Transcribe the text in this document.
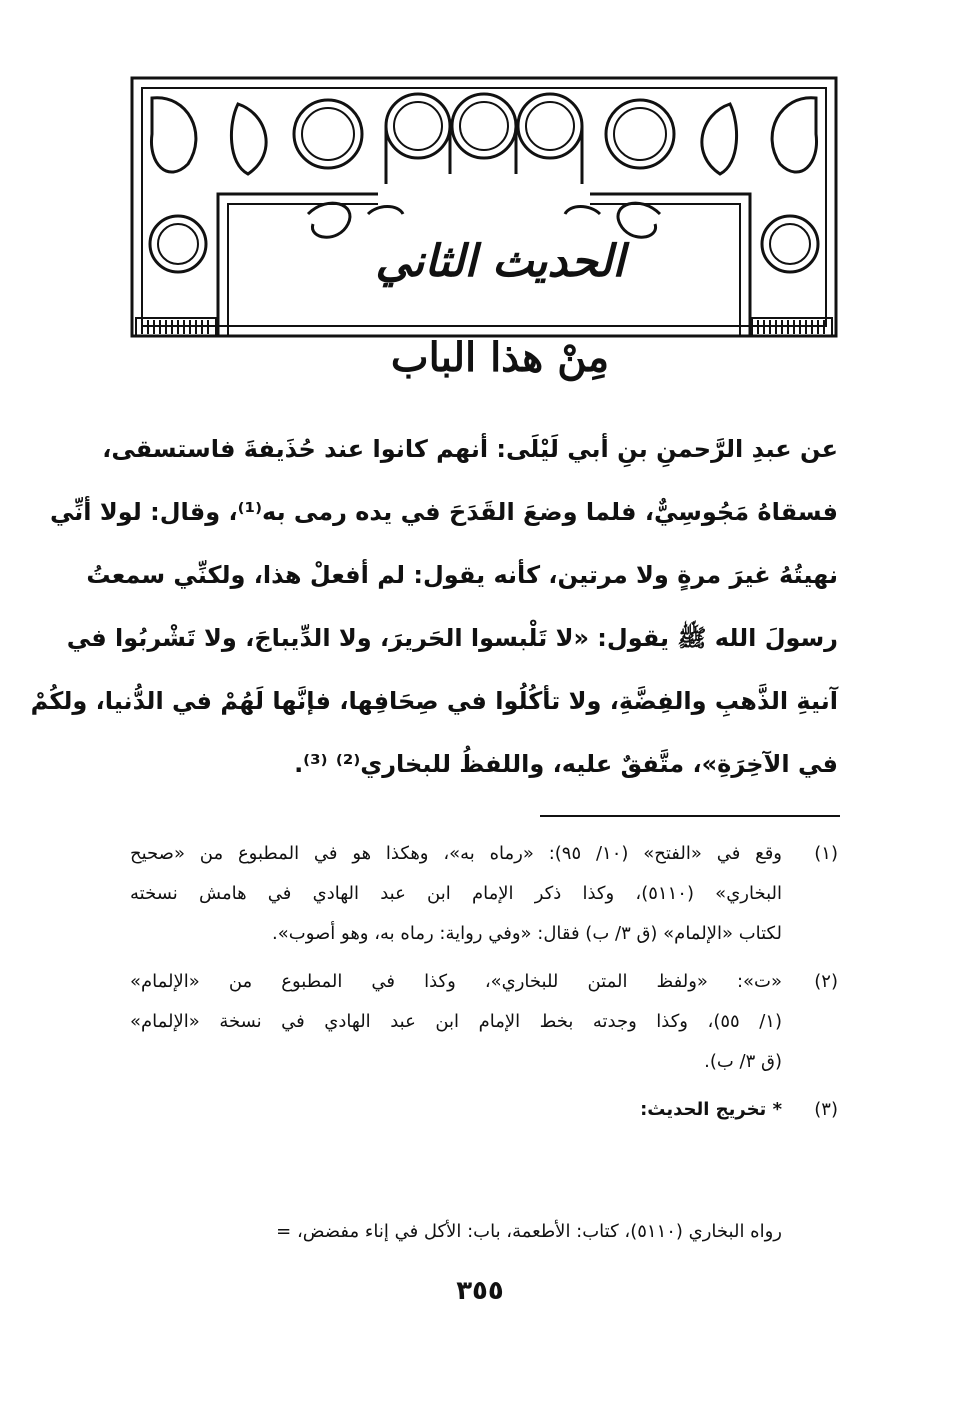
الحديث الثاني
مِنْ هذا الباب
عن عبدِ الرَّحمنِ بنِ أبي لَيْلَى: أنهم كانوا عند حُذَيفةَ فاستسقى،
فسقاهُ مَجُوسِيٌّ، فلما وضعَ القَدَحَ في يده رمى به⁽¹⁾، وقال: لولا أنِّي
نهيتُهُ غيرَ مرةٍ ولا مرتين، كأنه يقول: لم أفعلْ هذا، ولكنِّي سمعتُ
رسولَ الله ﷺ يقول: «لا تَلْبسوا الحَريرَ، ولا الدِّيباجَ، ولا تَشْربُوا في
آنيةِ الذَّهبِ والفِضَّةِ، ولا تأكُلُوا في صِحَافِها، فإنَّها لَهُمْ في الدُّنيا، ولكُمْ
في الآخِرَةِ»، متَّفقٌ عليه، واللفظُ للبخاري⁽²⁾ ⁽³⁾.
(١)
وقع في «الفتح» (١٠/ ٩٥): «رماه به»، وهكذا هو في المطبوع من «صحيح
البخاري» (٥١١٠)، وكذا ذكر الإمام ابن عبد الهادي في هامش نسخته
لكتاب «الإلمام» (ق ٣/ ب) فقال: «وفي رواية: رماه به، وهو أصوب».
(٢)
«ت»: «ولفظ المتن للبخاري»، وكذا في المطبوع من «الإلمام»
(١/ ٥٥)، وكذا وجدته بخط الإمام ابن عبد الهادي في نسخة «الإلمام»
(ق ٣/ ب).
(٣)
* تخريج الحديث:
رواه البخاري (٥١١٠)، كتاب: الأطعمة، باب: الأكل في إناء مفضض، =
٣٥٥
